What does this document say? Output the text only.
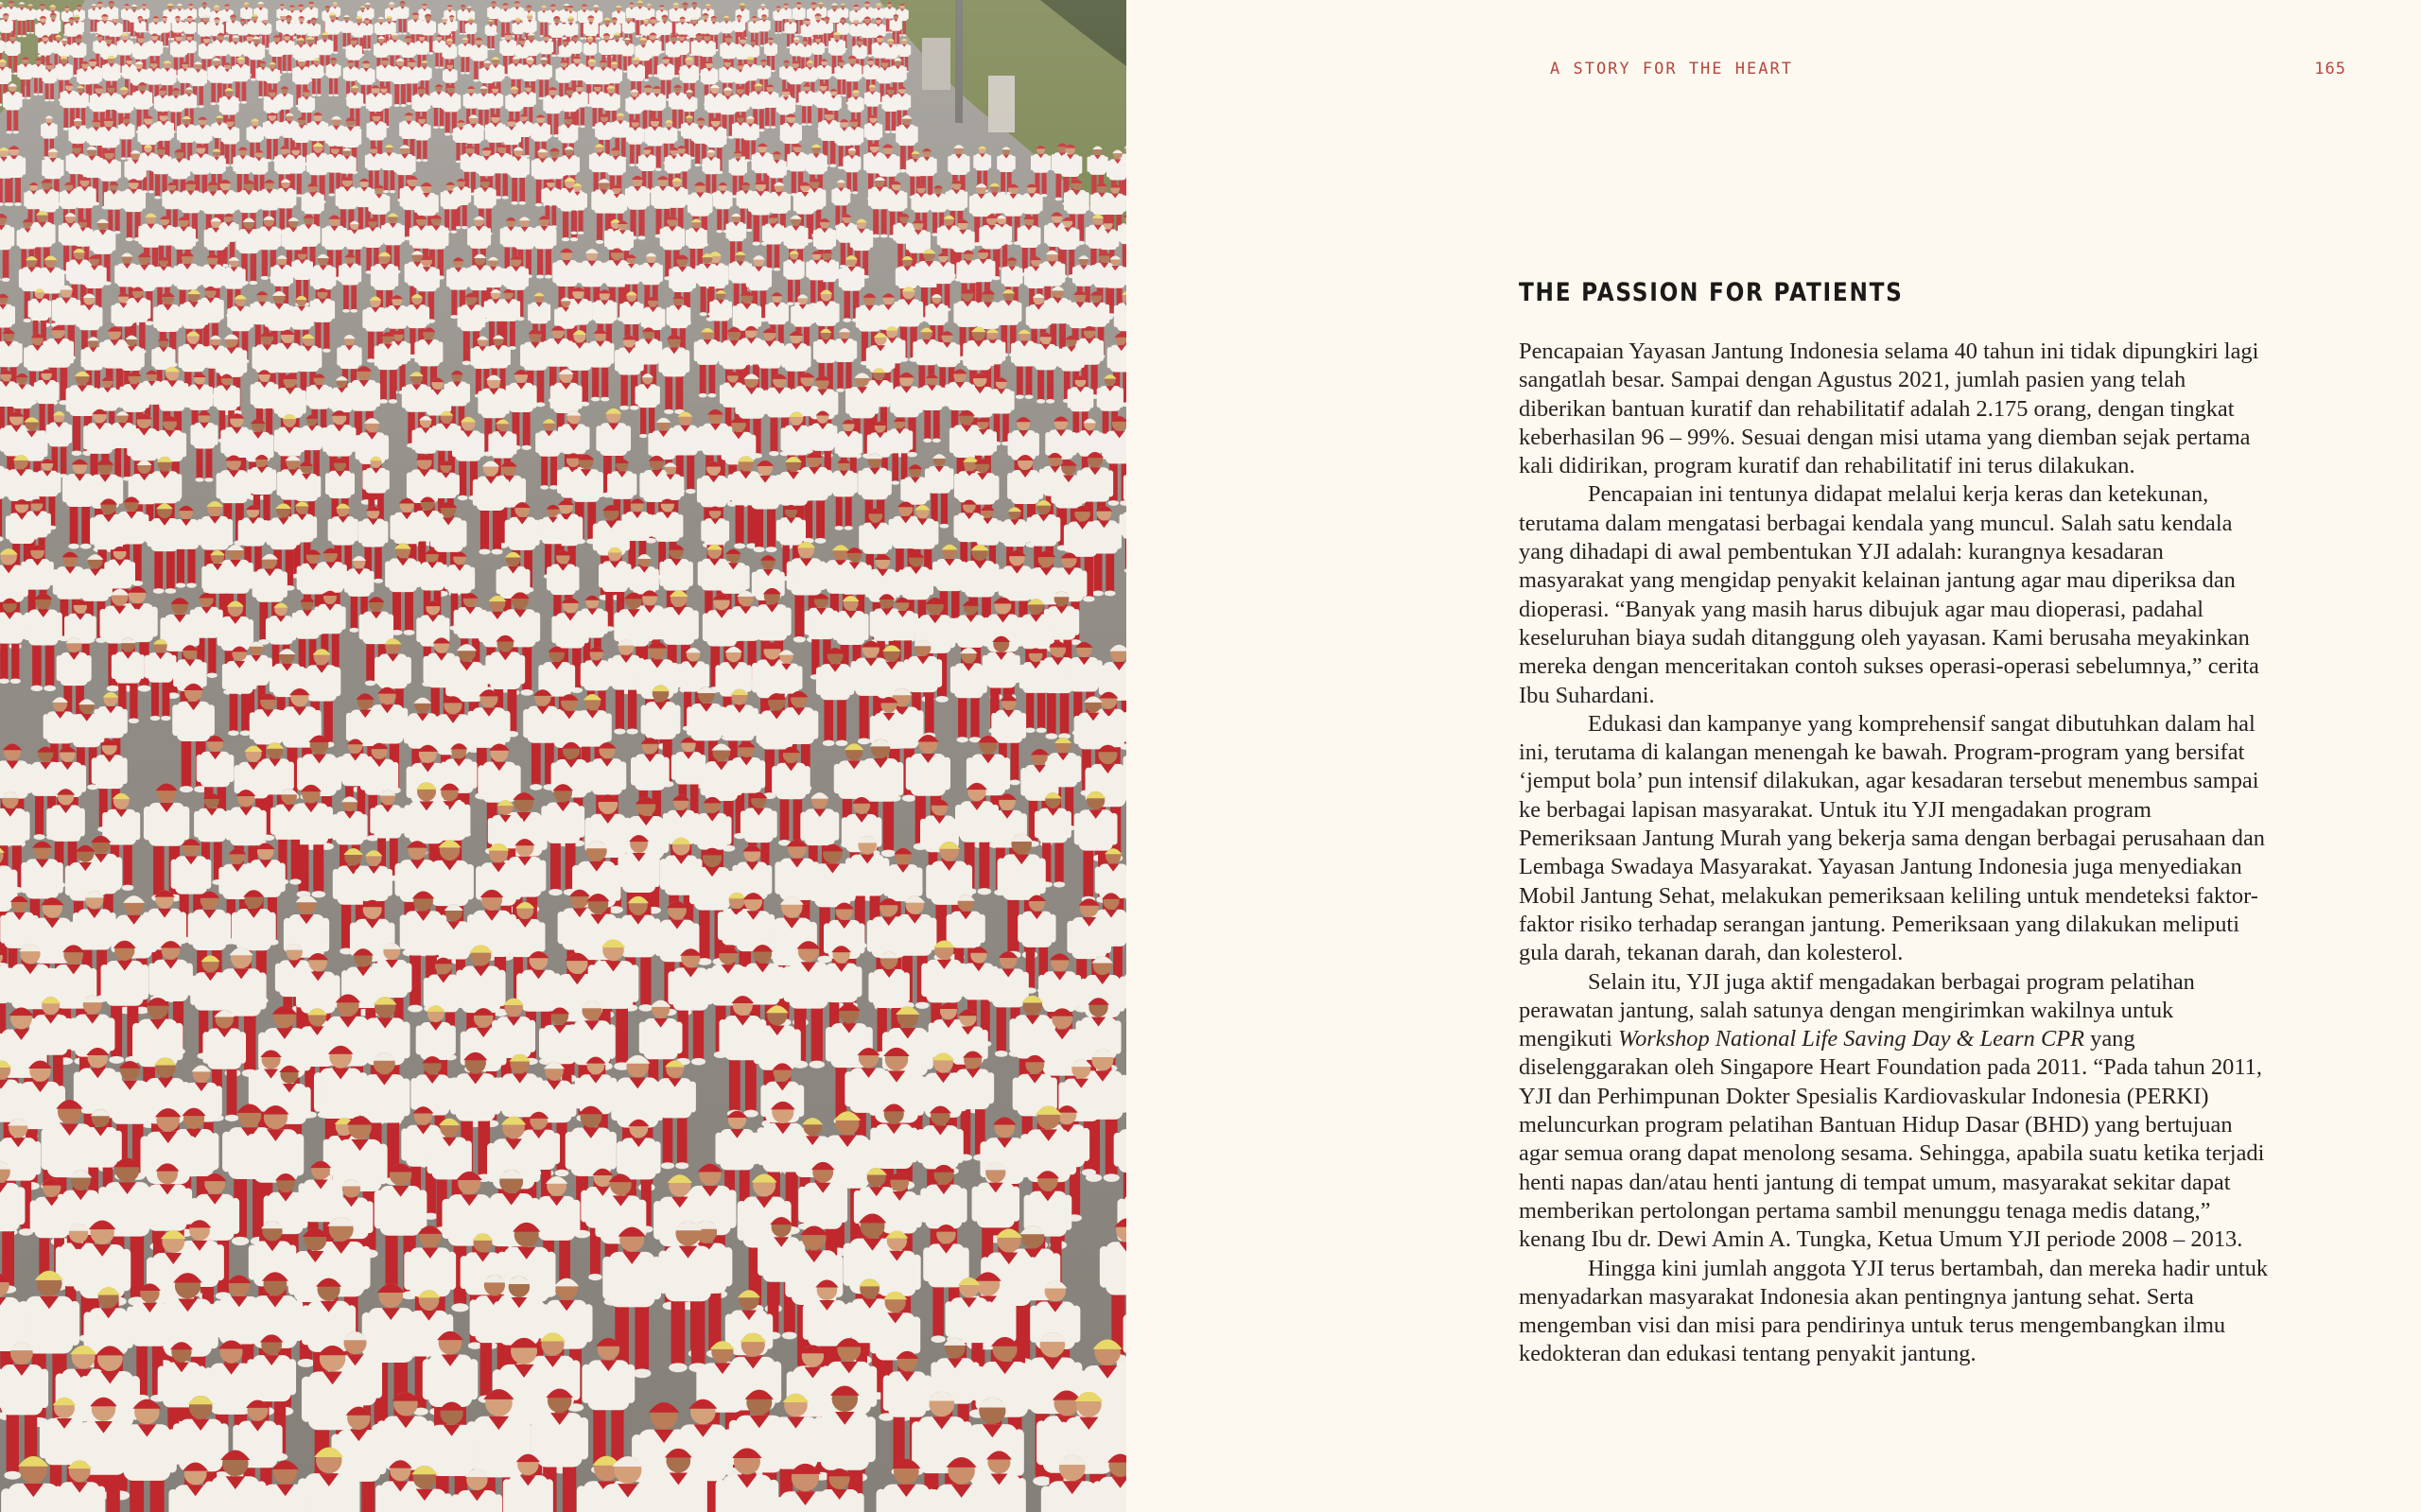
A STORY FOR THE HEART	165
THE PASSION FOR PATIENTS

Pencapaian Yayasan Jantung Indonesia selama 40 tahun ini tidak dipungkiri lagi sangatlah besar. Sampai dengan Agustus 2021, jumlah pasien yang telah diberikan bantuan kuratif dan rehabilitatif adalah 2.175 orang, dengan tingkat keberhasilan 96 – 99%. Sesuai dengan misi utama yang diemban sejak pertama kali didirikan, program kuratif dan rehabilitatif ini terus dilakukan.

Pencapaian ini tentunya didapat melalui kerja keras dan ketekunan, terutama dalam mengatasi berbagai kendala yang muncul. Salah satu kendala yang dihadapi di awal pembentukan YJI adalah: kurangnya kesadaran masyarakat yang mengidap penyakit kelainan jantung agar mau diperiksa dan dioperasi. “Banyak yang masih harus dibujuk agar mau dioperasi, padahal keseluruhan biaya sudah ditanggung oleh yayasan. Kami berusaha meyakinkan mereka dengan menceritakan contoh sukses operasi-operasi sebelumnya,” cerita Ibu Suhardani.

Edukasi dan kampanye yang komprehensif sangat dibutuhkan dalam hal ini, terutama di kalangan menengah ke bawah. Program-program yang bersifat ‘jemput bola’ pun intensif dilakukan, agar kesadaran tersebut menembus sampai ke berbagai lapisan masyarakat. Untuk itu YJI mengadakan program Pemeriksaan Jantung Murah yang bekerja sama dengan berbagai perusahaan dan Lembaga Swadaya Masyarakat. Yayasan Jantung Indonesia juga menyediakan Mobil Jantung Sehat, melakukan pemeriksaan keliling untuk mendeteksi faktor-faktor risiko terhadap serangan jantung. Pemeriksaan yang dilakukan meliputi gula darah, tekanan darah, dan kolesterol.

Selain itu, YJI juga aktif mengadakan berbagai program pelatihan perawatan jantung, salah satunya dengan mengirimkan wakilnya untuk mengikuti Workshop National Life Saving Day & Learn CPR yang diselenggarakan oleh Singapore Heart Foundation pada 2011. “Pada tahun 2011, YJI dan Perhimpunan Dokter Spesialis Kardiovaskular Indonesia (PERKI) meluncurkan program pelatihan Bantuan Hidup Dasar (BHD) yang bertujuan agar semua orang dapat menolong sesama. Sehingga, apabila suatu ketika terjadi henti napas dan/atau henti jantung di tempat umum, masyarakat sekitar dapat memberikan pertolongan pertama sambil menunggu tenaga medis datang,” kenang Ibu dr. Dewi Amin A. Tungka, Ketua Umum YJI periode 2008 – 2013.

Hingga kini jumlah anggota YJI terus bertambah, dan mereka hadir untuk menyadarkan masyarakat Indonesia akan pentingnya jantung sehat. Serta mengemban visi dan misi para pendirinya untuk terus mengembangkan ilmu kedokteran dan edukasi tentang penyakit jantung.
